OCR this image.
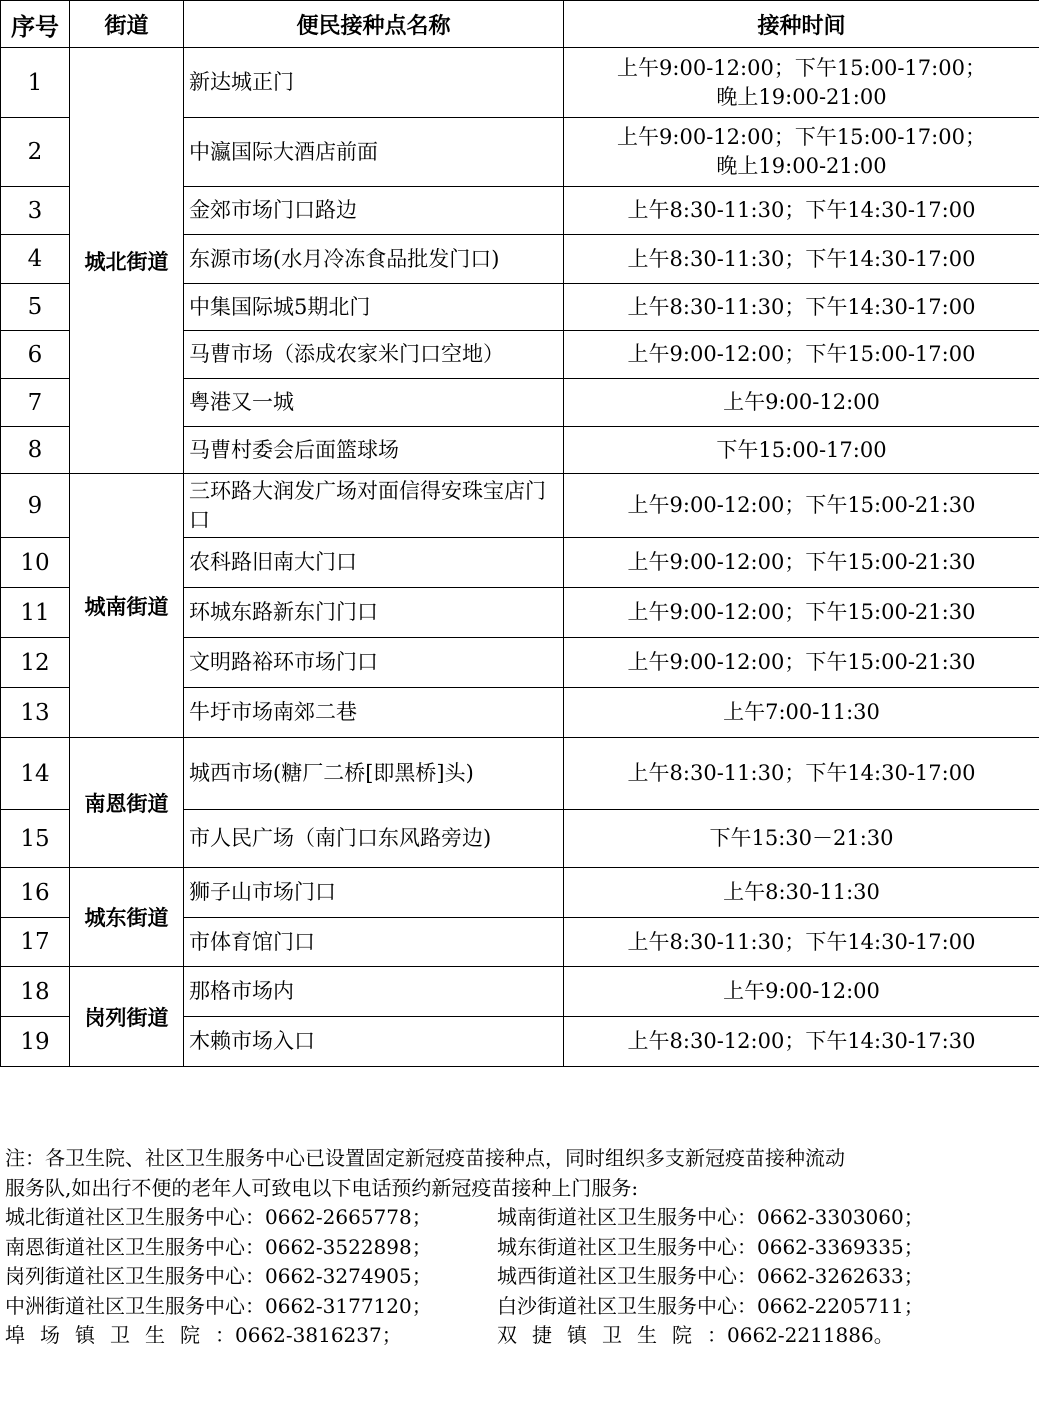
序号	街道	便民接种点名称	接种时间
1	城北街道	新达城正门	上午9:00-12:00；下午15:00-17:00；
晚上19:00-21:00

2		中瀛国际大酒店前面	上午9:00-12:00；下午15:00-17:00；
晚上19:00-21:00

3		金郊市场门口路边	上午8:30-11:30；下午14:30-17:00

4		东源市场(水月冷冻食品批发门口)	上午8:30-11:30；下午14:30-17:00

5		中集国际城5期北门	上午8:30-11:30；下午14:30-17:00

6		马曹市场（添成农家米门口空地）	上午9:00-12:00；下午15:00-17:00

7		粤港又一城	上午9:00-12:00

8		马曹村委会后面篮球场	下午15:00-17:00

9	城南街道	三环路大润发广场对面信得安珠宝店门口	上午9:00-12:00；下午15:00-21:30

10		农科路旧南大门口	上午9:00-12:00；下午15:00-21:30

11		环城东路新东门门口	上午9:00-12:00；下午15:00-21:30

12		文明路裕环市场门口	上午9:00-12:00；下午15:00-21:30

13		牛圩市场南郊二巷	上午7:00-11:30

14	南恩街道	城西市场(糖厂二桥[即黑桥]头)	上午8:30-11:30；下午14:30-17:00

15		市人民广场（南门口东风路旁边)	下午15:30－21:30

16	城东街道	狮子山市场门口	上午8:30-11:30

17		市体育馆门口	上午8:30-11:30；下午14:30-17:00

18	岗列街道	那格市场内	上午9:00-12:00

19		木赖市场入口	上午8:30-12:00；下午14:30-17:30

注：各卫生院、社区卫生服务中心已设置固定新冠疫苗接种点，同时组织多支新冠疫苗接种流动

服务队,如出行不便的老年人可致电以下电话预约新冠疫苗接种上门服务:

城北街道社区卫生服务中心：0662-2665778；	城南街道社区卫生服务中心：0662-3303060；
南恩街道社区卫生服务中心：0662-3522898；	城东街道社区卫生服务中心：0662-3369335；
岗列街道社区卫生服务中心：0662-3274905；	城西街道社区卫生服务中心：0662-3262633；
中洲街道社区卫生服务中心：0662-3177120；	白沙街道社区卫生服务中心：0662-2205711；
埠场镇卫生院：0662-3816237；	双捷镇卫生院：0662-2211886。
